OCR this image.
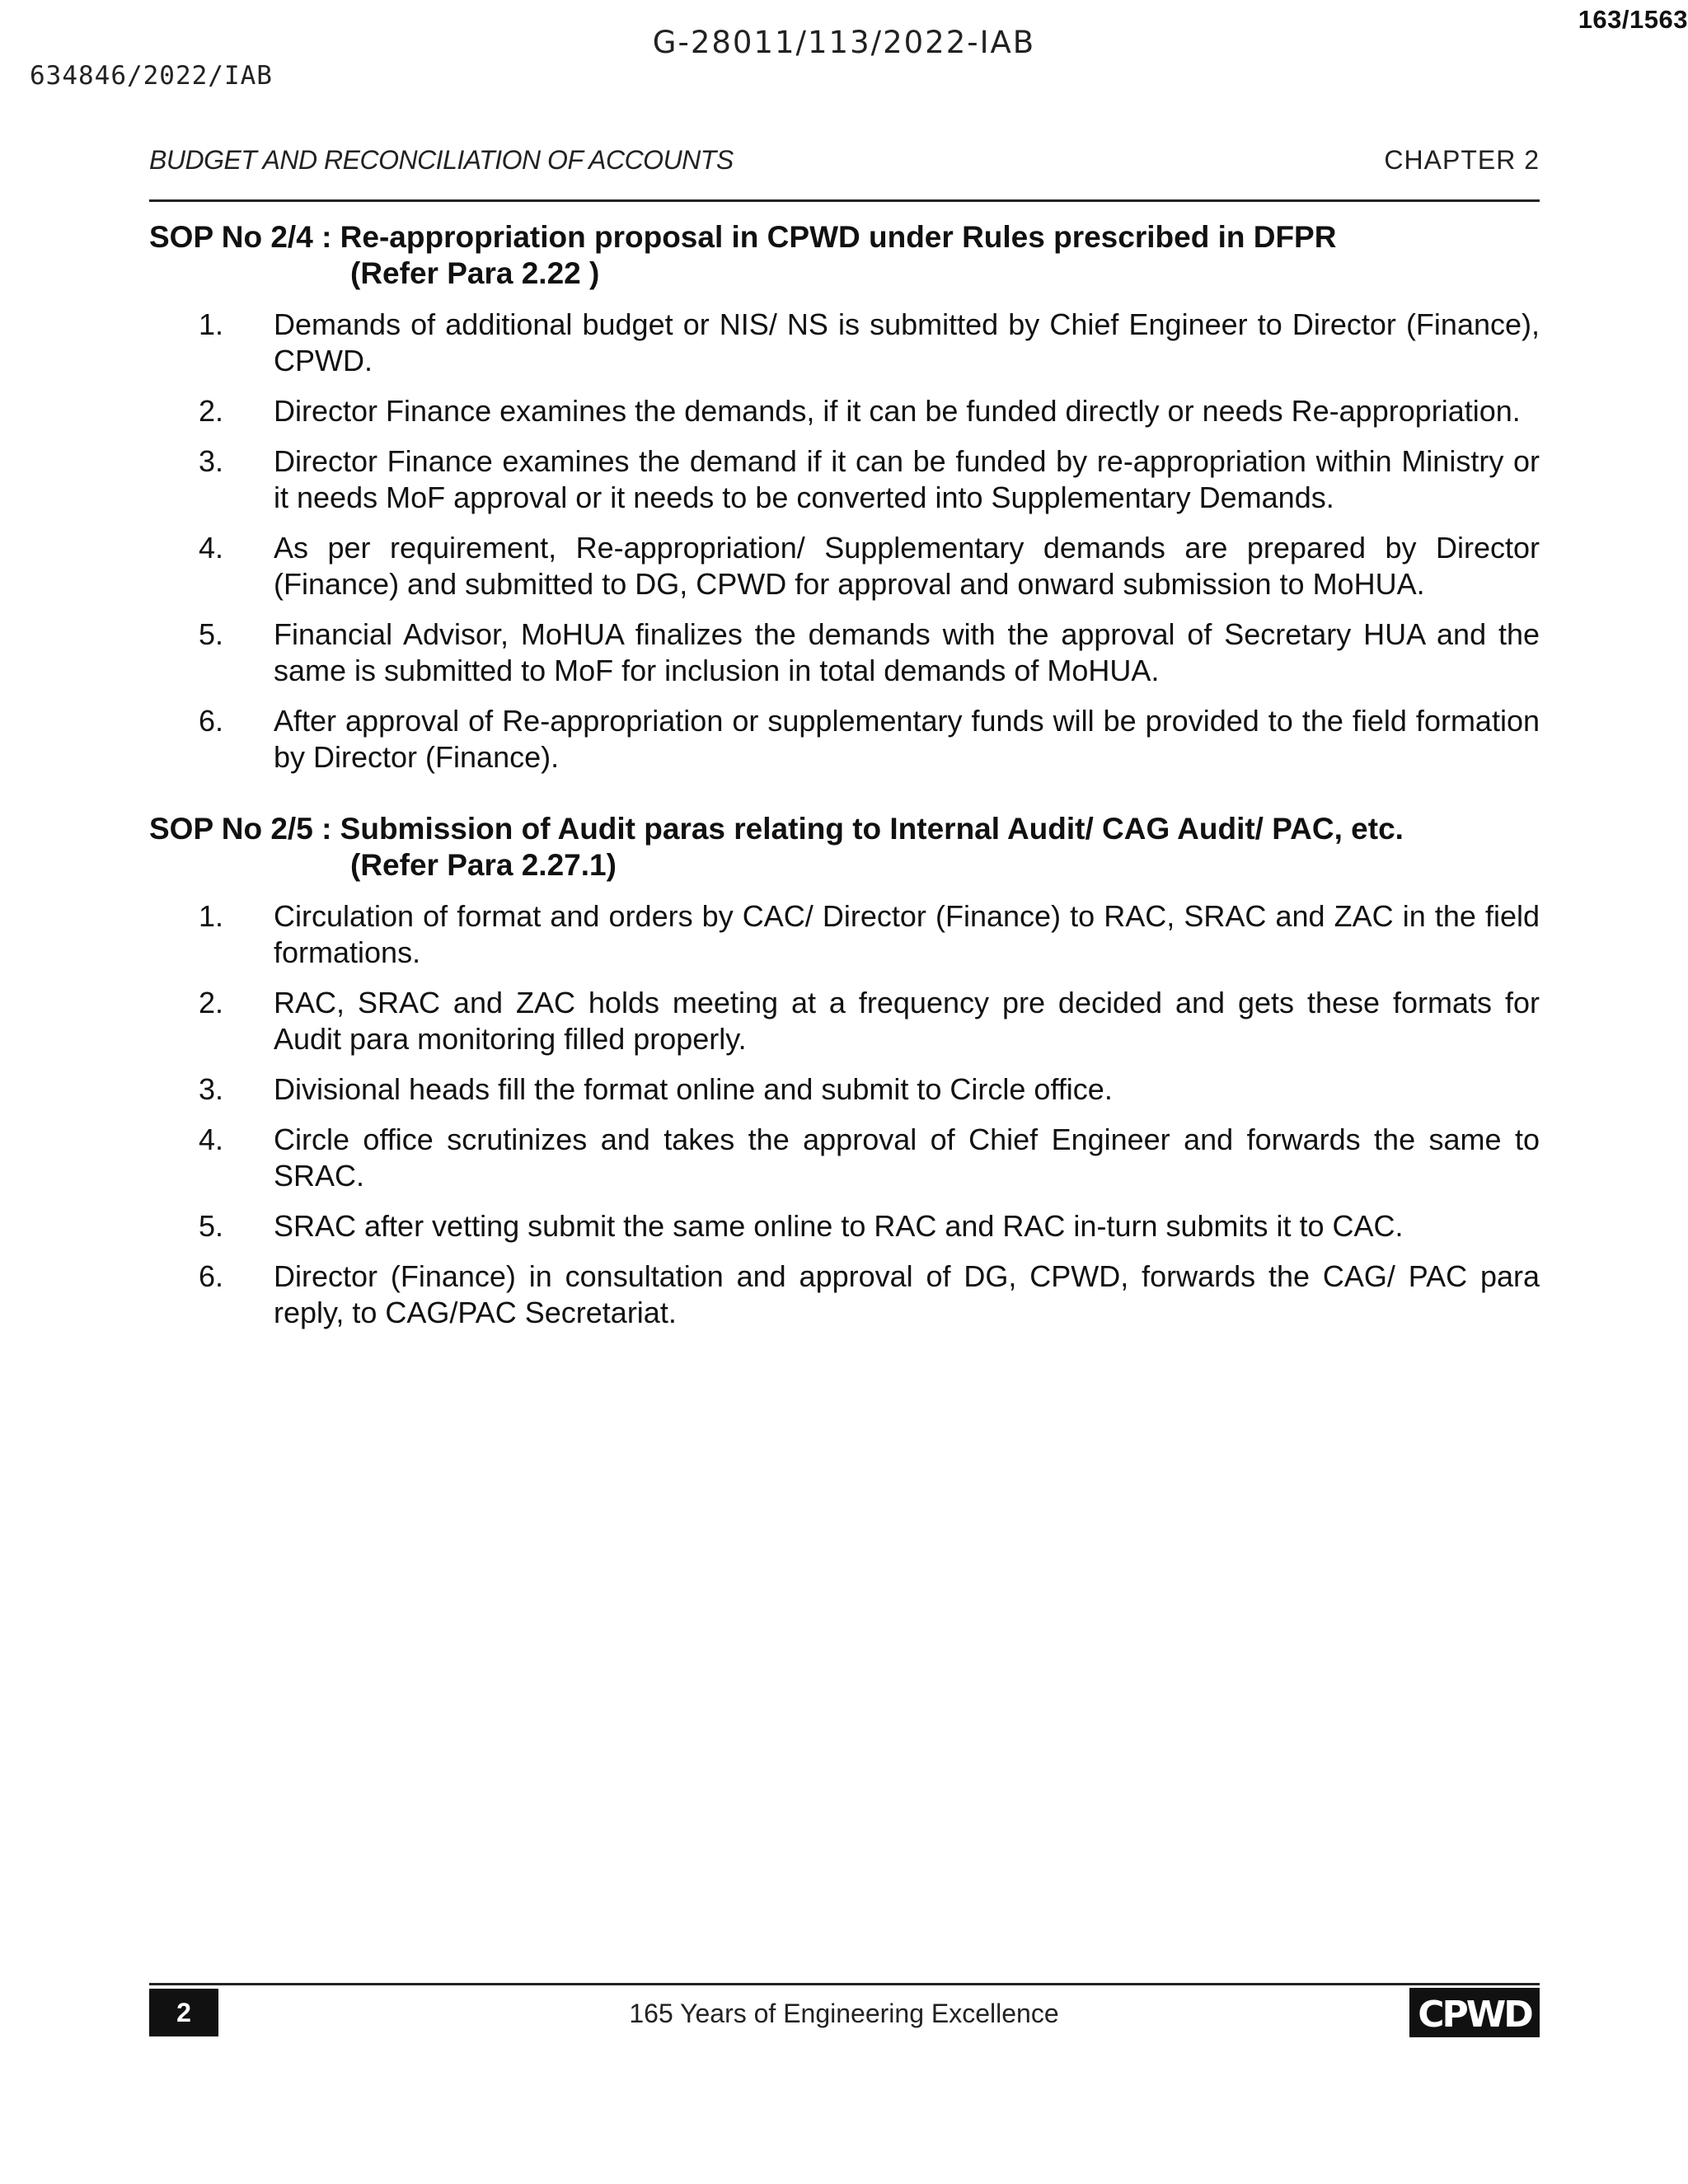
163/1563
G-28011/113/2022-IAB
634846/2022/IAB
BUDGET AND RECONCILIATION OF ACCOUNTS	CHAPTER 2
SOP No 2/4 : Re-appropriation proposal in CPWD under Rules prescribed in DFPR
(Refer Para 2.22 )
1. Demands of additional budget or NIS/ NS is submitted by Chief Engineer to Director (Finance), CPWD.
2. Director Finance examines the demands, if it can be funded directly or needs Re-appropriation.
3. Director Finance examines the demand if it can be funded by re-appropriation within Ministry or it needs MoF approval or it needs to be converted into Supplementary Demands.
4. As per requirement, Re-appropriation/ Supplementary demands are prepared by Director (Finance) and submitted to DG, CPWD for approval and onward submission to MoHUA.
5. Financial Advisor, MoHUA finalizes the demands with the approval of Secretary HUA and the same is submitted to MoF for inclusion in total demands of MoHUA.
6. After approval of Re-appropriation or supplementary funds will be provided to the field formation by Director (Finance).
SOP No 2/5 : Submission of Audit paras relating to Internal Audit/ CAG Audit/ PAC, etc.
(Refer Para 2.27.1)
1. Circulation of format and orders by CAC/ Director (Finance) to RAC, SRAC and ZAC in the field formations.
2. RAC, SRAC and ZAC holds meeting at a frequency pre decided and gets these formats for Audit para monitoring filled properly.
3. Divisional heads fill the format online and submit to Circle office.
4. Circle office scrutinizes and takes the approval of Chief Engineer and forwards the same to SRAC.
5. SRAC after vetting submit the same online to RAC and RAC in-turn submits it to CAC.
6. Director (Finance) in consultation and approval of DG, CPWD, forwards the CAG/ PAC para reply, to CAG/PAC Secretariat.
2	165 Years of Engineering Excellence	CPWD
